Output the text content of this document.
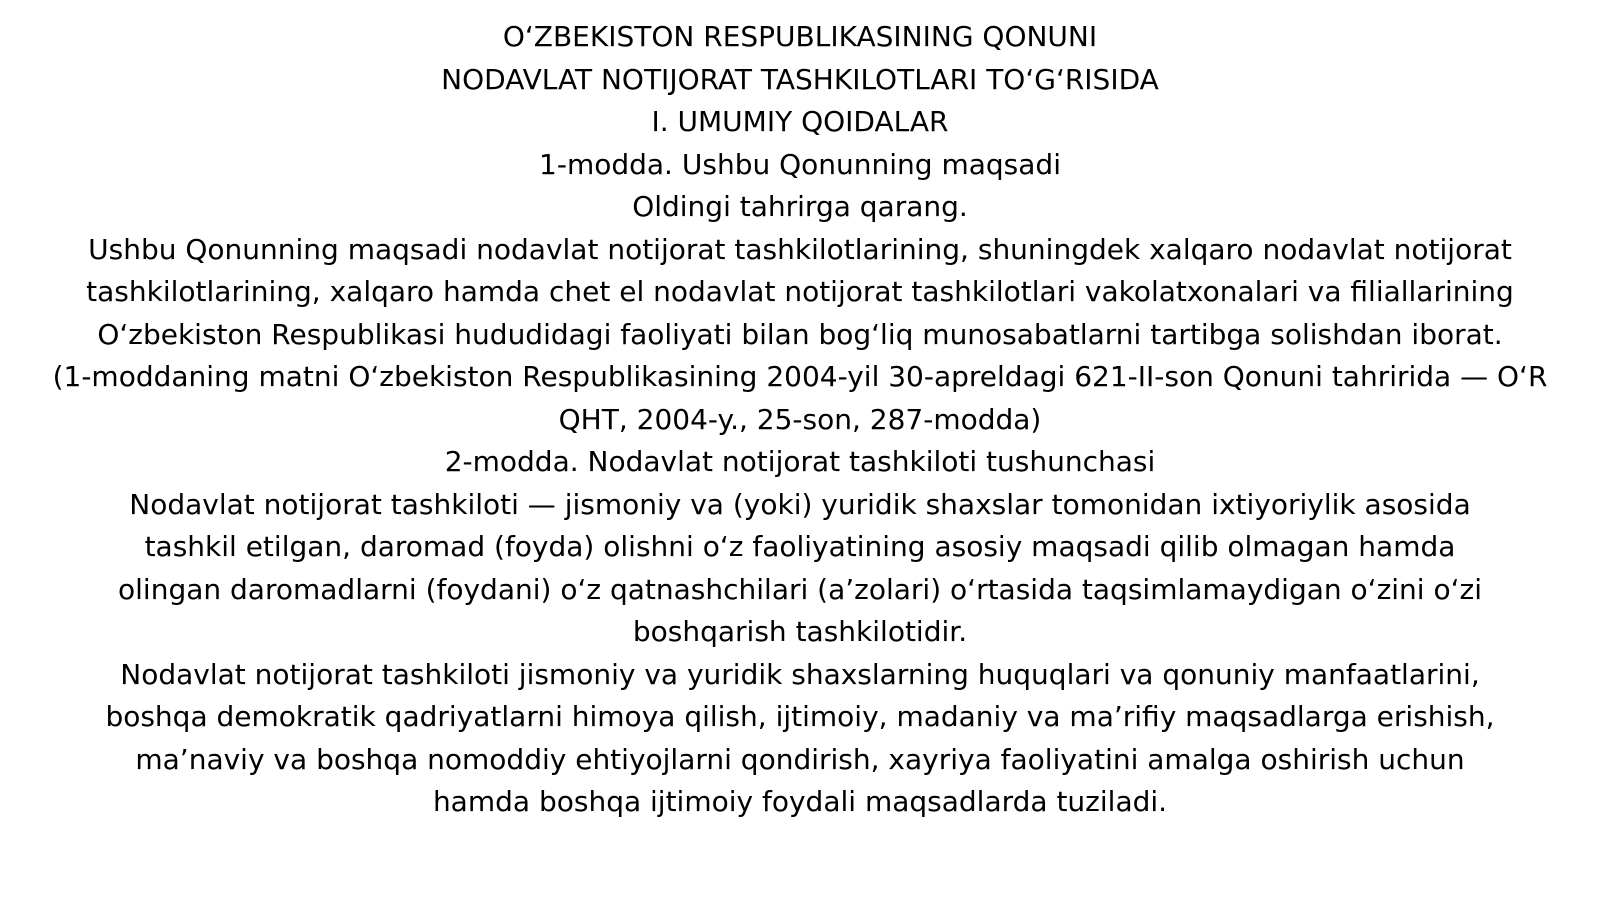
O‘ZBEKISTON RESPUBLIKASINING QONUNI

NODAVLAT NOTIJORAT TASHKILOTLARI TO‘G‘RISIDA

I. UMUMIY QOIDALAR

1-modda. Ushbu Qonunning maqsadi

Oldingi tahrirga qarang.

Ushbu Qonunning maqsadi nodavlat notijorat tashkilotlarining, shuningdek xalqaro nodavlat notijorat tashkilotlarining, xalqaro hamda chet el nodavlat notijorat tashkilotlari vakolatxonalari va filiallarining O‘zbekiston Respublikasi hududidagi faoliyati bilan bog‘liq munosabatlarni tartibga solishdan iborat.

(1-moddaning matni O‘zbekiston Respublikasining 2004-yil 30-apreldagi 621-II-son Qonuni tahririda — O‘R QHT, 2004-y., 25-son, 287-modda)

2-modda. Nodavlat notijorat tashkiloti tushunchasi

Nodavlat notijorat tashkiloti — jismoniy va (yoki) yuridik shaxslar tomonidan ixtiyoriylik asosida tashkil etilgan, daromad (foyda) olishni o‘z faoliyatining asosiy maqsadi qilib olmagan hamda olingan daromadlarni (foydani) o‘z qatnashchilari (a’zolari) o‘rtasida taqsimlamaydigan o‘zini o‘zi boshqarish tashkilotidir.

Nodavlat notijorat tashkiloti jismoniy va yuridik shaxslarning huquqlari va qonuniy manfaatlarini, boshqa demokratik qadriyatlarni himoya qilish, ijtimoiy, madaniy va ma’rifiy maqsadlarga erishish, ma’naviy va boshqa nomoddiy ehtiyojlarni qondirish, xayriya faoliyatini amalga oshirish uchun hamda boshqa ijtimoiy foydali maqsadlarda tuziladi.
